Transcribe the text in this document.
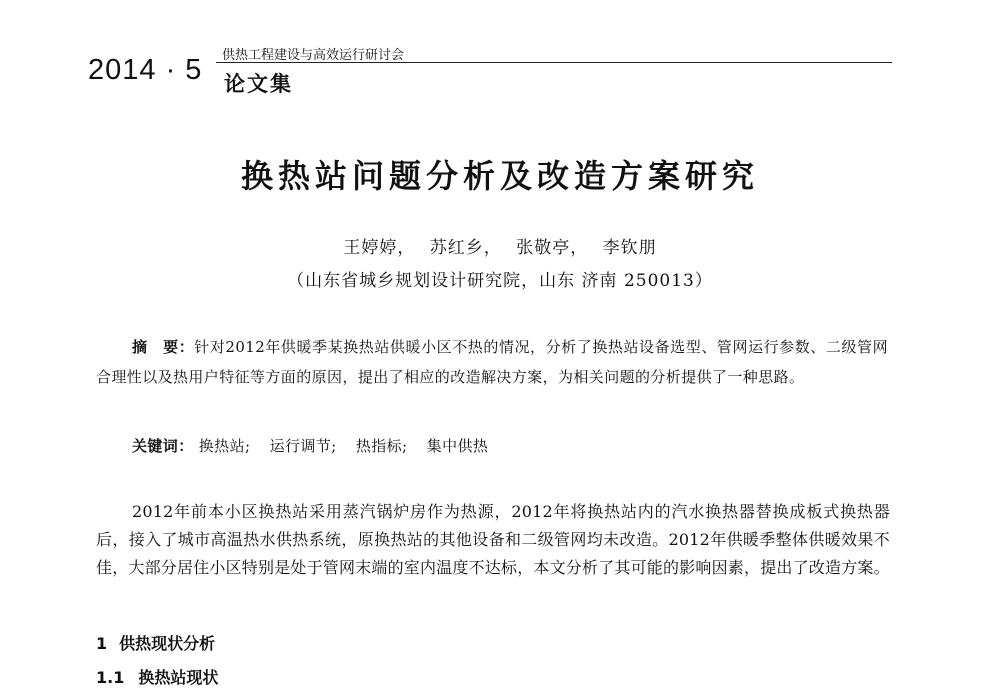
2014 · 5 供热工程建设与高效运行研讨会
论文集
换热站问题分析及改造方案研究
王婷婷， 苏红乡， 张敬亭， 李钦朋
（山东省城乡规划设计研究院，山东 济南 250013）
摘　要：针对2012年供暖季某换热站供暖小区不热的情况，分析了换热站设备选型、管网运行参数、二级管网合理性以及热用户特征等方面的原因，提出了相应的改造解决方案，为相关问题的分析提供了一种思路。
关键词： 换热站; 运行调节; 热指标; 集中供热
2012年前本小区换热站采用蒸汽锅炉房作为热源，2012年将换热站内的汽水换热器替换成板式换热器后，接入了城市高温热水供热系统，原换热站的其他设备和二级管网均未改造。2012年供暖季整体供暖效果不佳，大部分居住小区特别是处于管网末端的室内温度不达标，本文分析了其可能的影响因素，提出了改造方案。
1 供热现状分析
1.1 换热站现状
